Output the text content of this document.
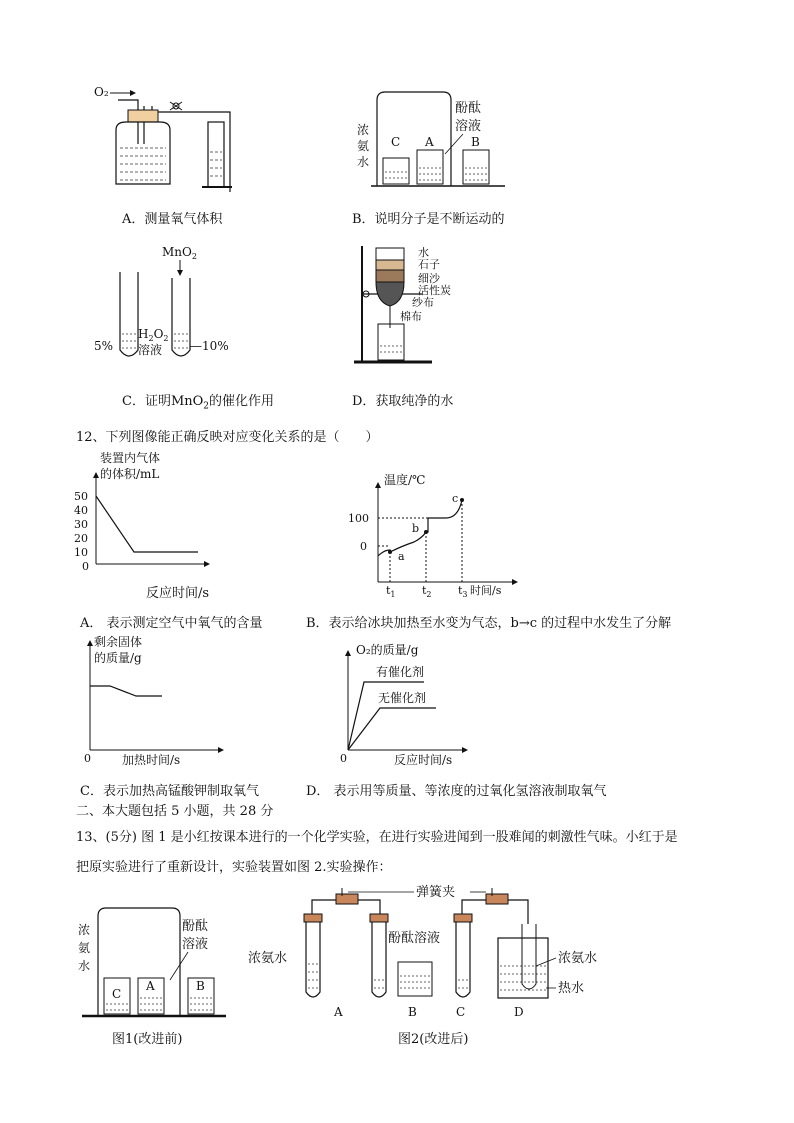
O₂
A．测量氧气体积
浓
氨
水
酚酞
溶液
C A	B
B．说明分子是不断运动的
MnO$_2$
5%
$H_2O_2$
溶液 —10%
C．证明MnO$_2$的催化作用
水
石子
细沙
活性炭
纱布
棉布
D．获取纯净的水
12、下列图像能正确反映对应变化关系的是（　　）
装置内气体
的体积/mL
50
40
30
20
10
0
反应时间/s
A． 表示测定空气中氧气的含量
温度/℃
100
0
a
b
c
$t_1$ $t_2$ $t_3$ 时间/s
B．表示给冰块加热至水变为气态，b→c 的过程中水发生了分解
剩余固体
的质量/g
0	加热时间/s
C．表示加热高锰酸钾制取氧气
O₂的质量/g
有催化剂
无催化剂
0	反应时间/s
D． 表示用等质量、等浓度的过氧化氢溶液制取氧气
二、本大题包括 5 小题，共 28 分
13、(5分) 图 1 是小红按课本进行的一个化学实验，在进行实验进闻到一股难闻的刺激性气味。小红于是
把原实验进行了重新设计，实验装置如图 2.实验操作：
浓
氨
水
酚酞
溶液
C
A	B
图1(改进前)
弹簧夹
酚酞溶液
浓氨水	浓氨水
热水
A	B	C	D
图2(改进后)
